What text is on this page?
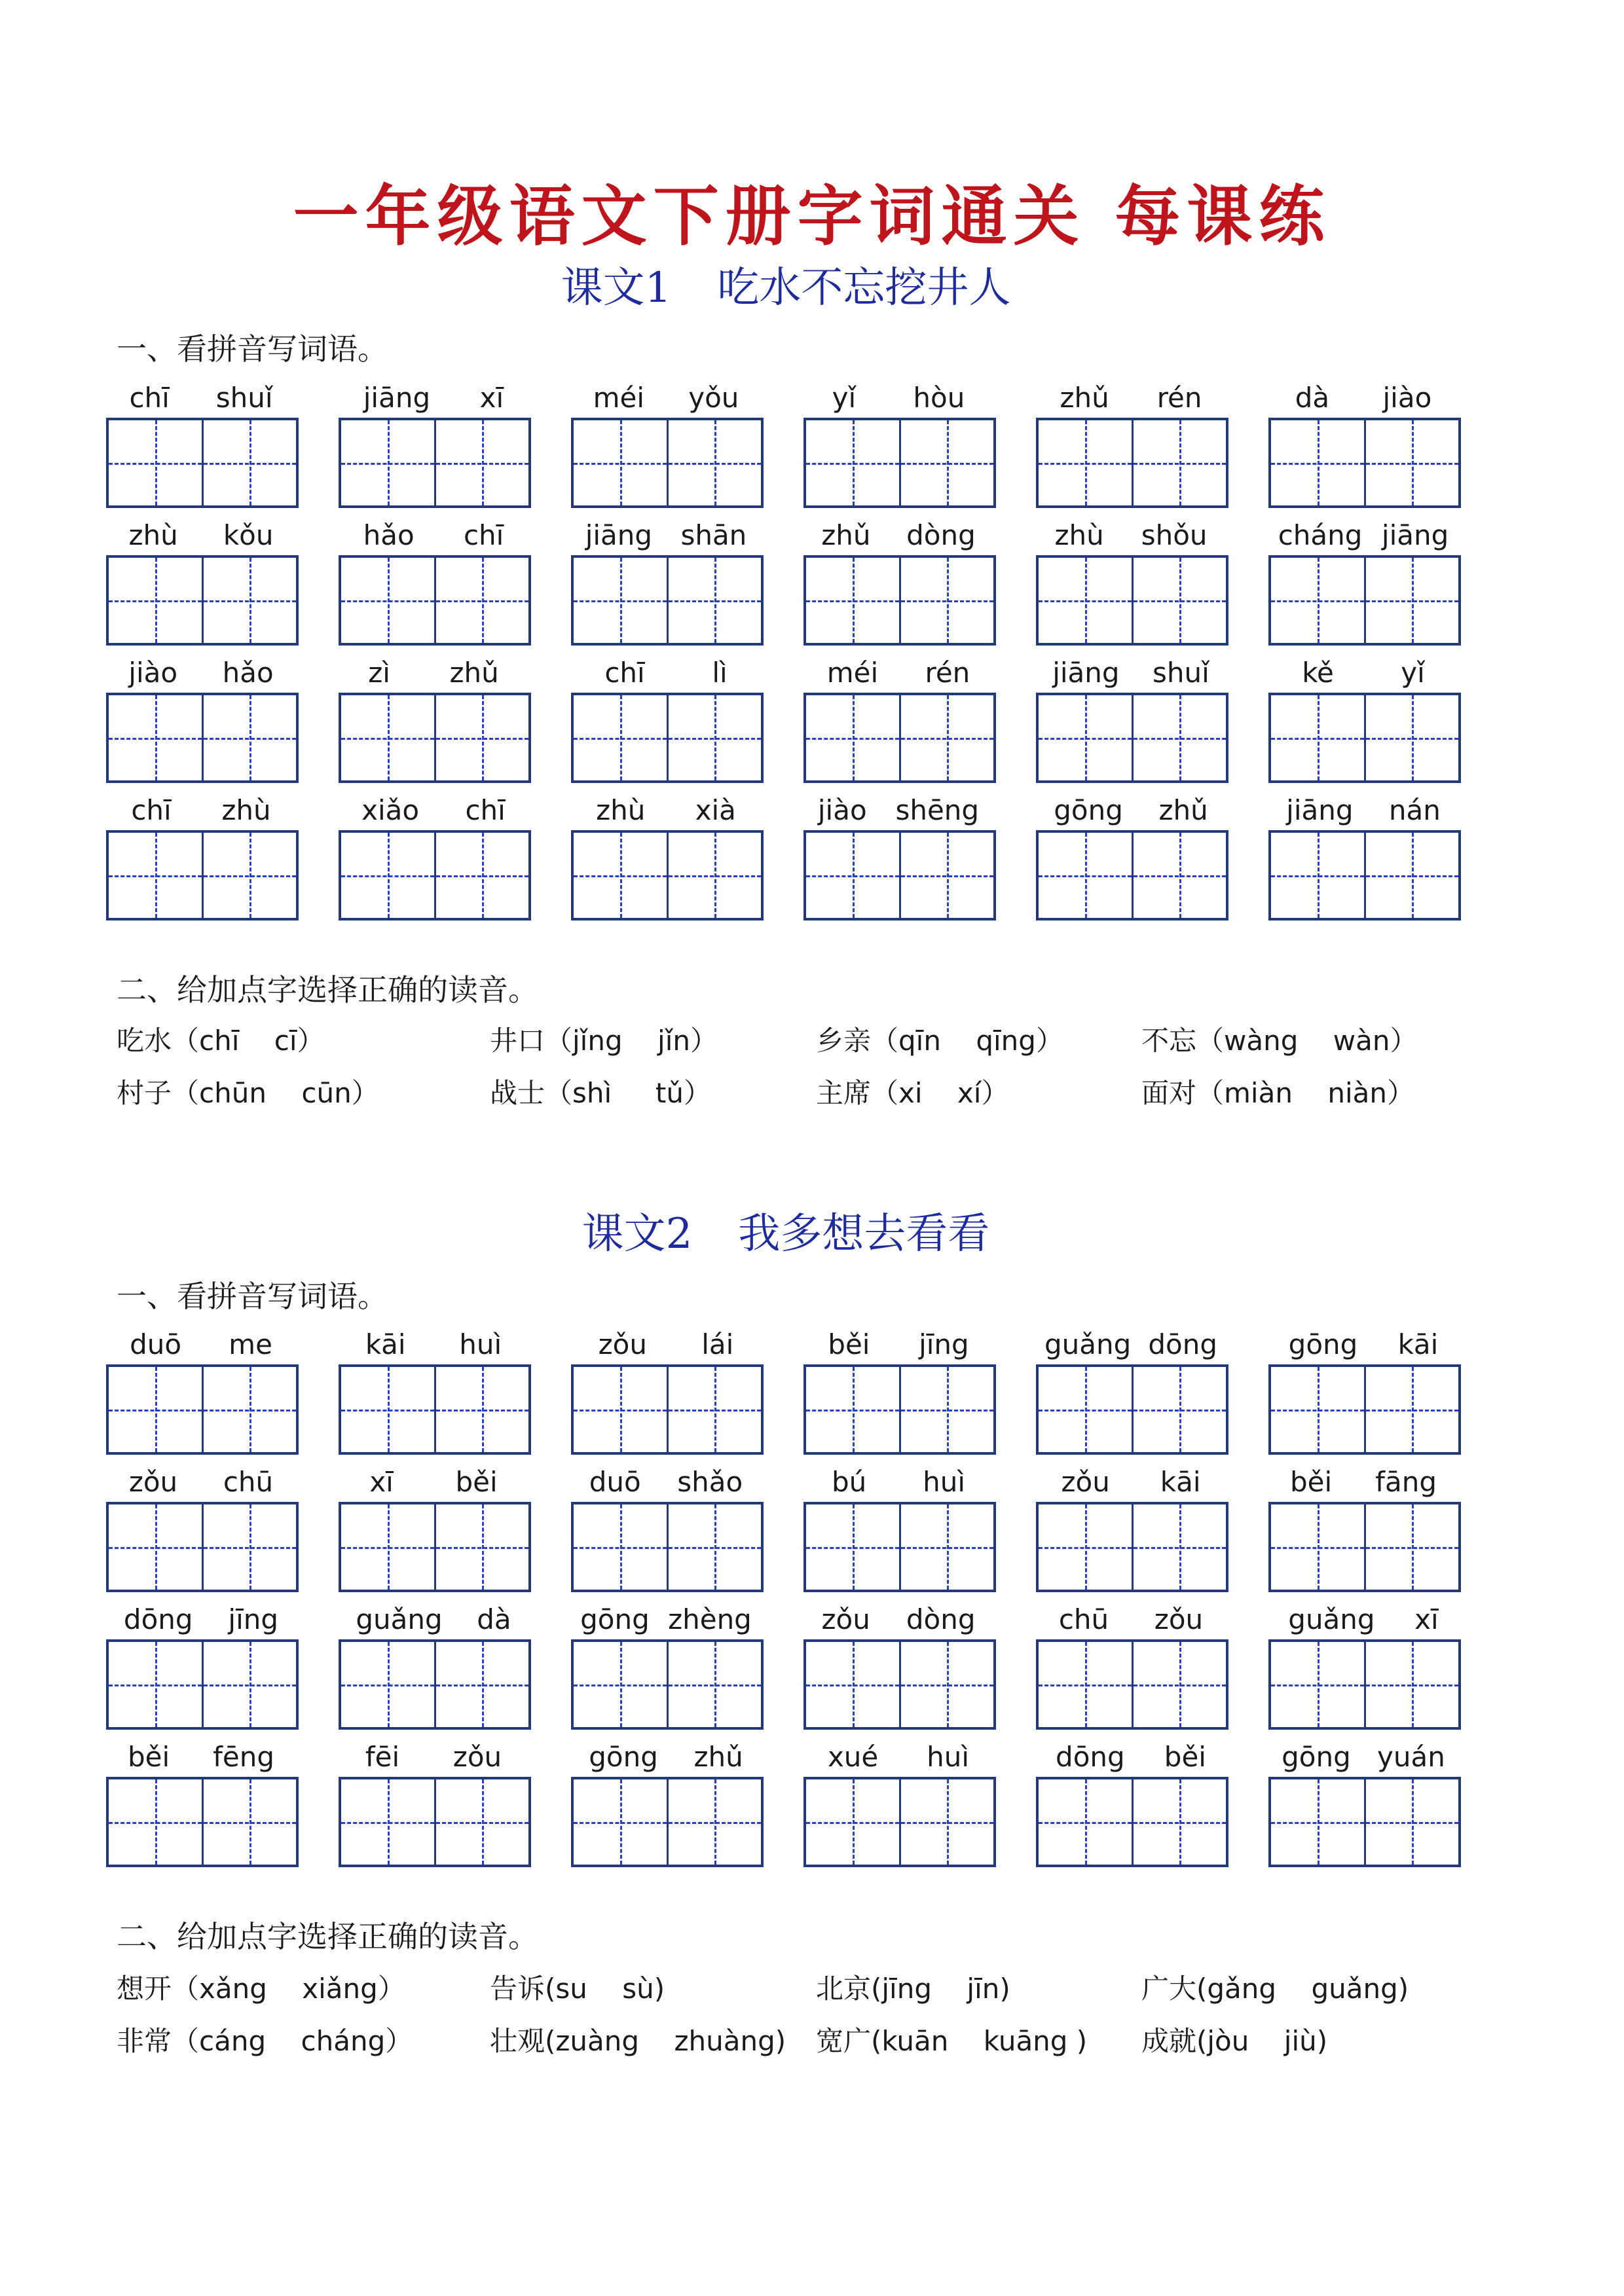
一年级语文下册字词通关 每课练
课文1 吃水不忘挖井人
一、看拼音写词语。
chī shuǐ	jiāng xī	méi yǒu	yǐ hòu	zhǔ rén	dà jiào
zhù kǒu	hǎo chī	jiāng shān	zhǔ dòng	zhù shǒu	cháng jiāng
jiào hǎo	zì zhǔ	chī lì	méi rén	jiāng shuǐ	kě yǐ
chī zhù	xiǎo chī	zhù xià	jiào shēng	gōng zhǔ	jiāng nán
二、给加点字选择正确的读音。
吃水（chī    cī）	井口（jǐng    jǐn）	乡亲（qīn    qīng）	不忘（wàng    wàn）
村子（chūn    cūn）	战士（shì     tǔ）	主席（xi    xí）	面对（miàn    niàn）
课文2 我多想去看看
一、看拼音写词语。
duō me	kāi huì	zǒu lái	běi jīng	guǎng dōng	gōng kāi
zǒu chū	xī běi	duō shǎo	bú huì	zǒu kāi	běi fāng
dōng jīng	guǎng dà	gōng zhèng	zǒu dòng	chū zǒu	guǎng xī
běi fēng	fēi zǒu	gōng zhǔ	xué huì	dōng běi	gōng yuán
二、给加点字选择正确的读音。
想开（xǎng    xiǎng）	告诉(su    sù)	北京(jīng    jīn)	广大(gǎng    guǎng)
非常（cáng    cháng）	壮观(zuàng    zhuàng) 宽广(kuān    kuāng ) 成就(jòu    jiù)
